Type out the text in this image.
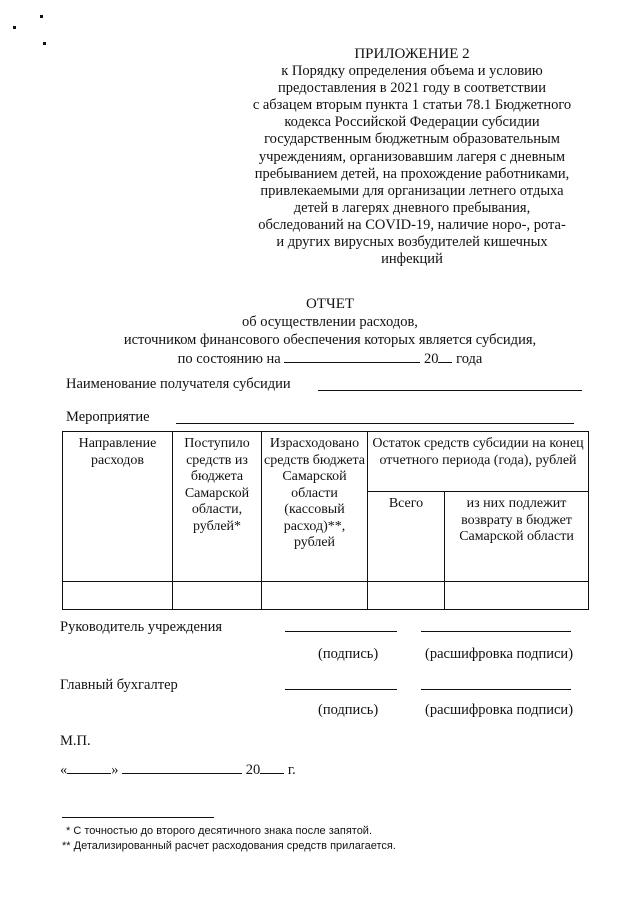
ПРИЛОЖЕНИЕ 2
к Порядку определения объема и условию
предоставления в 2021 году в соответствии
с абзацем вторым пункта 1 статьи 78.1 Бюджетного
кодекса Российской Федерации субсидии
государственным бюджетным образовательным
учреждениям, организовавшим лагеря с дневным
пребыванием детей, на прохождение работниками,
привлекаемыми для организации летнего отдыха
детей в лагерях дневного пребывания,
обследований на COVID-19, наличие норо-, рота-
и других вирусных возбудителей кишечных
инфекций
ОТЧЕТ
об осуществлении расходов,
источником финансового обеспечения которых является субсидия,
по состоянию на	20 года
Наименование получателя субсидии
Мероприятие
Направление расходов	Поступило средств из бюджета Самарской области, рублей*	Израсходовано средств бюджета Самарской области (кассовый расход)**, рублей	Остаток средств субсидии на конец отчетного периода (года), рублей	
			Всего	из них подлежит возврату в бюджет Самарской области

Руководитель учреждения
(подпись)	(расшифровка подписи)
Главный бухгалтер
(подпись)	(расшифровка подписи)
М.П.
«	»	20 г.
* С точностью до второго десятичного знака после запятой.
** Детализированный расчет расходования средств прилагается.
